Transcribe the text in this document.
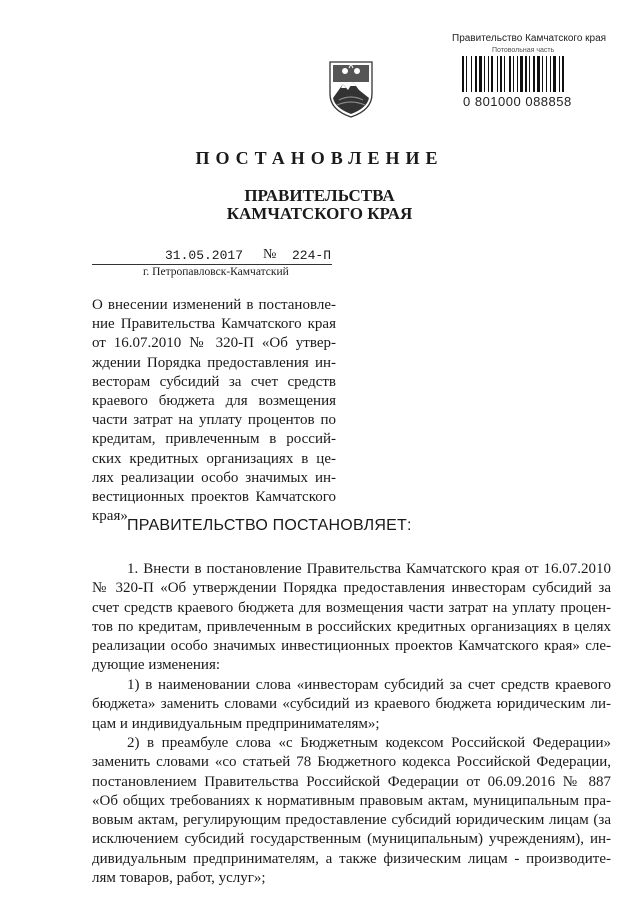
Правительство Камчатского края
Потовольная часть
0 801000 088858
ПОСТАНОВЛЕНИЕ
ПРАВИТЕЛЬСТВА
КАМЧАТСКОГО КРАЯ
31.05.2017 № 224-П
г. Петропавловск-Камчатский
О внесении изменений в постановле-
ние Правительства Камчатского края
от 16.07.2010 № 320-П «Об утвер-
ждении Порядка предоставления ин-
весторам субсидий за счет средств
краевого бюджета для возмещения
части затрат на уплату процентов по
кредитам, привлеченным в россий-
ских кредитных организациях в це-
лях реализации особо значимых ин-
вестиционных проектов Камчатского
края»
ПРАВИТЕЛЬСТВО ПОСТАНОВЛЯЕТ:
1. Внести в постановление Правительства Камчатского края от 16.07.2010
№ 320-П «Об утверждении Порядка предоставления инвесторам субсидий за
счет средств краевого бюджета для возмещения части затрат на уплату процен-
тов по кредитам, привлеченным в российских кредитных организациях в целях
реализации особо значимых инвестиционных проектов Камчатского края» сле-
дующие изменения:
1) в наименовании слова «инвесторам субсидий за счет средств краевого
бюджета» заменить словами «субсидий из краевого бюджета юридическим ли-
цам и индивидуальным предпринимателям»;
2) в преамбуле слова «с Бюджетным кодексом Российской Федерации»
заменить словами «со статьей 78 Бюджетного кодекса Российской Федерации,
постановлением Правительства Российской Федерации от 06.09.2016 № 887
«Об общих требованиях к нормативным правовым актам, муниципальным пра-
вовым актам, регулирующим предоставление субсидий юридическим лицам (за
исключением субсидий государственным (муниципальным) учреждениям), ин-
дивидуальным предпринимателям, а также физическим лицам - производите-
лям товаров, работ, услуг»;
